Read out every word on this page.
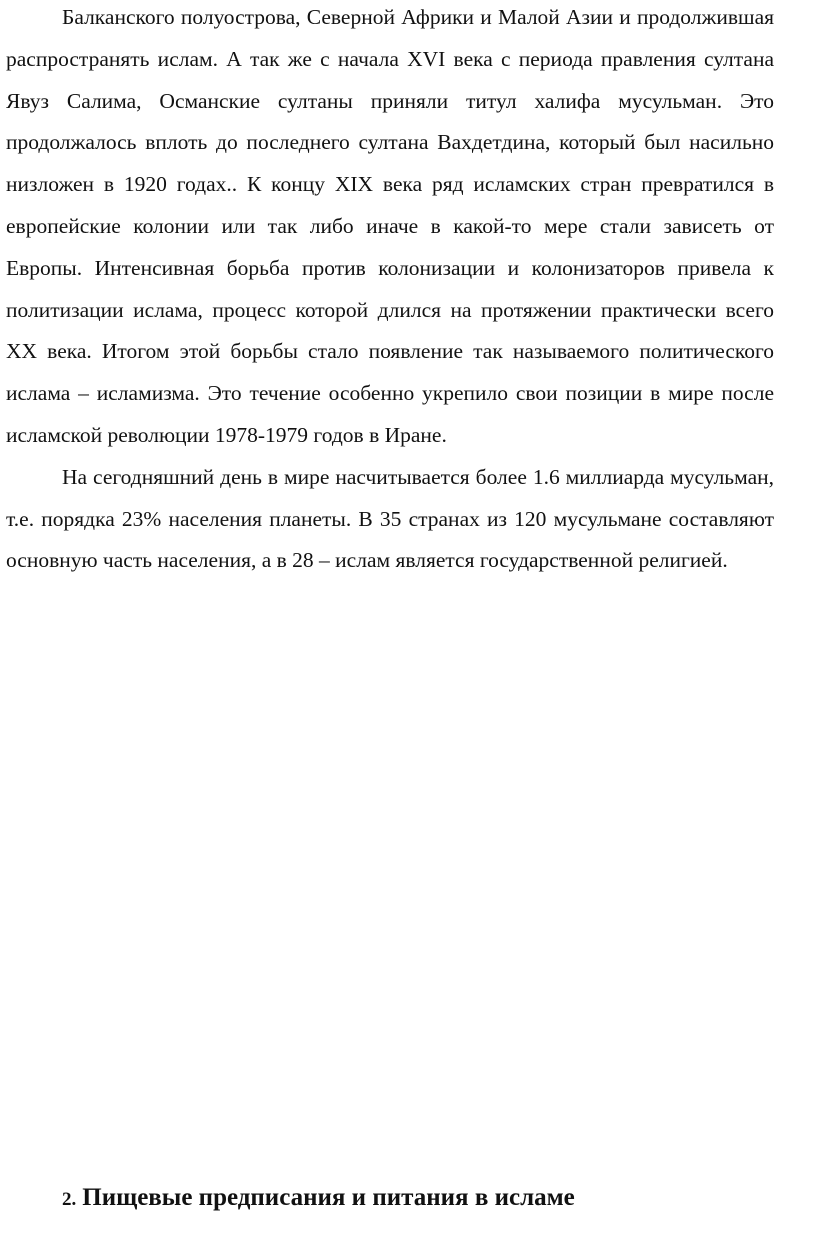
Балканского полуострова, Северной Африки и Малой Азии и продолжившая распространять ислам. А так же с начала XVI века с периода правления султана Явуз Салима, Османские султаны приняли титул халифа мусульман. Это продолжалось вплоть до последнего султана Вахдетдина, который был насильно низложен в 1920 годах.. К концу XIX века ряд исламских стран превратился в европейские колонии или так либо иначе в какой-то мере стали зависеть от Европы. Интенсивная борьба против колонизации и колонизаторов привела к политизации ислама, процесс которой длился на протяжении практически всего XX века. Итогом этой борьбы стало появление так называемого политического ислама – исламизма. Это течение особенно укрепило свои позиции в мире после исламской революции 1978-1979 годов в Иране.

На сегодняшний день в мире насчитывается более 1.6 миллиарда мусульман, т.е. порядка 23% населения планеты. В 35 странах из 120 мусульмане составляют основную часть населения, а в 28 – ислам является государственной религией.

2. Пищевые предписания и питания в исламе
